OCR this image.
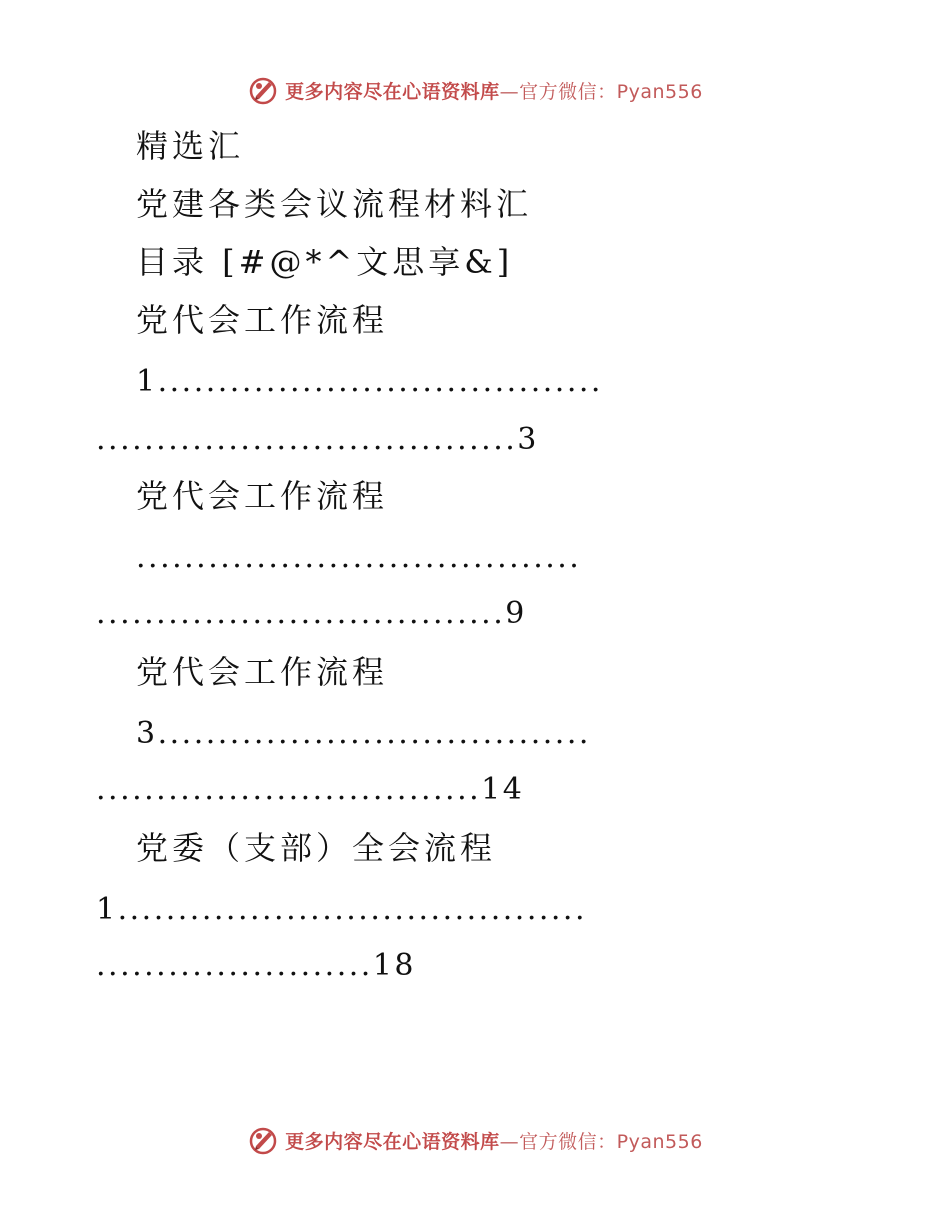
更多内容尽在心语资料库—官方微信：Pyan556
精选汇
党建各类会议流程材料汇
目录 [#@*^文思享&]
党代会工作流程
1.....................................
...................................3
党代会工作流程
.....................................
..................................9
党代会工作流程
3....................................
................................14
党委（支部）全会流程
1.......................................
.......................18
更多内容尽在心语资料库—官方微信：Pyan556
